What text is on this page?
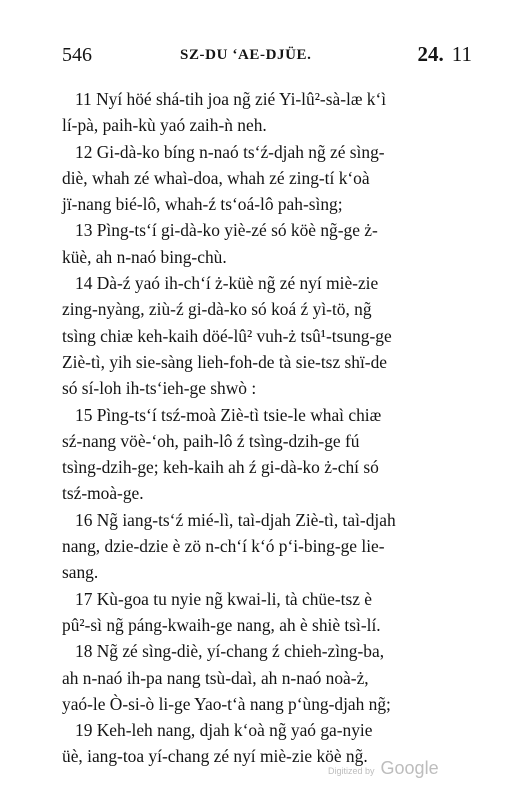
546	SZ-DU ‘AE-DJÜE.	24. 11
11 Nyí höé shá-tih joa ng̃ zié Yi-lû²-sà-læ k‘ì
lí-pà, paih-kù yaó zaih-ǹ neh.
12 Gi-dà-ko bíng n-naó ts‘ź-djah ng̃ zé sìng-
diè, whah zé whaì-doa, whah zé zing-tí k‘oà
jï-nang bié-lô, whah-ź ts‘oá-lô pah-sìng;
13 Pìng-ts‘í gi-dà-ko yiè-zé só köè ng̃-ge ż-
küè, ah n-naó bing-chù.
14 Dà-ź yaó ih-ch‘í ż-küè ng̃ zé nyí miè-zie
zing-nyàng, ziù-ź gi-dà-ko só koá ź yì-tö, ng̃
tsìng chiæ keh-kaih döé-lû² vuh-ż tsû¹-tsung-ge
Ziè-tì, yih sie-sàng lieh-foh-de tà sie-tsz shï-de
só sí-loh ih-ts‘ieh-ge shwò :
15 Pìng-ts‘í tsź-moà Ziè-tì tsie-le whaì chiæ
sź-nang vöè-‘oh, paih-lô ź tsìng-dzih-ge fú
tsìng-dzih-ge; keh-kaih ah ź gi-dà-ko ż-chí só
tsź-moà-ge.
16 Ng̃ iang-ts‘ź mié-lì, taì-djah Ziè-tì, taì-djah
nang, dzie-dzie è zö n-ch‘í k‘ó p‘i-bing-ge lie-
sang.
17 Kù-goa tu nyie ng̃ kwai-li, tà chüe-tsz è
pû²-sì ng̃ páng-kwaih-ge nang, ah è shiè tsì-lí.
18 Ng̃ zé sìng-diè, yí-chang ź chieh-zìng-ba,
ah n-naó ih-pa nang tsù-daì, ah n-naó noà-ż,
yaó-le Ò-si-ò li-ge Yao-t‘à nang p‘ùng-djah ng̃;
19 Keh-leh nang, djah k‘oà ng̃ yaó ga-nyie
üè, iang-toa yí-chang zé nyí miè-zie köè ng̃.
Digitized by Google
